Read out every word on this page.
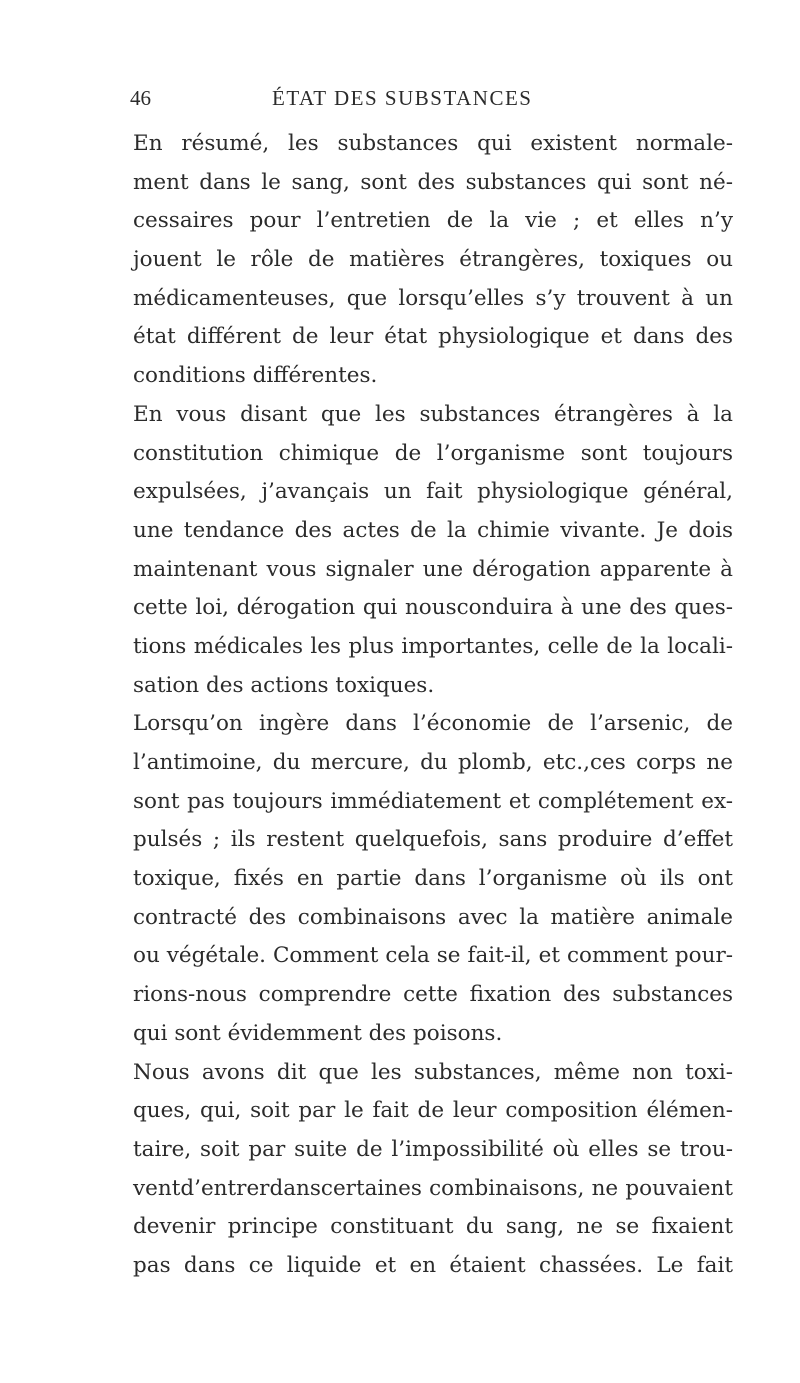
46	ÉTAT DES SUBSTANCES
En résumé, les substances qui existent normale-
ment dans le sang, sont des substances qui sont né-
cessaires pour l’entretien de la vie ; et elles n’y
jouent le rôle de matières étrangères, toxiques ou
médicamenteuses, que lorsqu’elles s’y trouvent à un
état différent de leur état physiologique et dans des
conditions différentes.
En vous disant que les substances étrangères à la
constitution chimique de l’organisme sont toujours
expulsées, j’avançais un fait physiologique général,
une tendance des actes de la chimie vivante. Je dois
maintenant vous signaler une dérogation apparente à
cette loi, dérogation qui nousconduira à une des ques-
tions médicales les plus importantes, celle de la locali-
sation des actions toxiques.
Lorsqu’on ingère dans l’économie de l’arsenic, de
l’antimoine, du mercure, du plomb, etc.,ces corps ne
sont pas toujours immédiatement et complétement ex-
pulsés ; ils restent quelquefois, sans produire d’effet
toxique, fixés en partie dans l’organisme où ils ont
contracté des combinaisons avec la matière animale
ou végétale. Comment cela se fait-il, et comment pour-
rions-nous comprendre cette fixation des substances
qui sont évidemment des poisons.
Nous avons dit que les substances, même non toxi-
ques, qui, soit par le fait de leur composition élémen-
taire, soit par suite de l’impossibilité où elles se trou-
ventd’entrerdanscertaines combinaisons, ne pouvaient
devenir principe constituant du sang, ne se fixaient
pas dans ce liquide et en étaient chassées. Le fait
